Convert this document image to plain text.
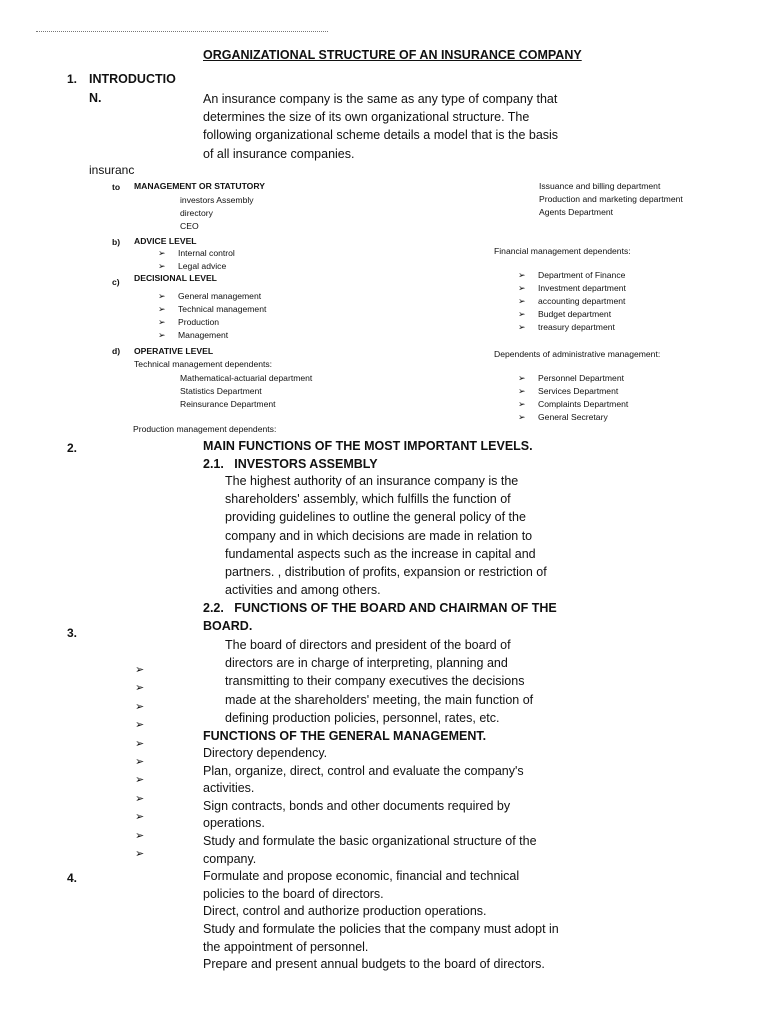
ORGANIZATIONAL STRUCTURE OF AN INSURANCE COMPANY
1. INTRODUCTIO
N.	An insurance company is the same as any type of company that
determines the size of its own organizational structure. The
following organizational scheme details a model that is the basis
of all insurance companies.
insuranc
to MANAGEMENT OR STATUTORY
investors Assembly
directory
CEO
b) ADVICE LEVEL
➢ Internal control
➢ Legal advice
c) DECISIONAL LEVEL
➢ General management
➢ Technical management
➢ Production
➢ Management
d) OPERATIVE LEVEL
Technical management dependents:
Mathematical-actuarial department
Statistics Department
Reinsurance Department
Production management dependents:
Issuance and billing department
Production and marketing department
Agents Department
Financial management dependents:
➢ Department of Finance
➢ Investment department
➢ accounting department
➢ Budget department
➢ treasury department
Dependents of administrative management:
➢ Personnel Department
➢ Services Department
➢ Complaints Department
➢ General Secretary
2.	MAIN FUNCTIONS OF THE MOST IMPORTANT LEVELS.
2.1. INVESTORS ASSEMBLY
The highest authority of an insurance company is the
shareholders' assembly, which fulfills the function of
providing guidelines to outline the general policy of the
company and in which decisions are made in relation to
fundamental aspects such as the increase in capital and
partners. , distribution of profits, expansion or restriction of
activities and among others.
2.2. FUNCTIONS OF THE BOARD AND CHAIRMAN OF THE
BOARD.
The board of directors and president of the board of
directors are in charge of interpreting, planning and
transmitting to their company executives the decisions
made at the shareholders' meeting, the main function of
defining production policies, personnel, rates, etc.
3.
➢
➢
➢
➢
➢
➢
➢
➢
➢
➢
➢
FUNCTIONS OF THE GENERAL MANAGEMENT.
Directory dependency.
Plan, organize, direct, control and evaluate the company's activities.
Sign contracts, bonds and other documents required by operations.
Study and formulate the basic organizational structure of the company.
Formulate and propose economic, financial and technical policies to the board of directors.
Direct, control and authorize production operations.
Study and formulate the policies that the company must adopt in the appointment of personnel.
Prepare and present annual budgets to the board of directors.
4.
